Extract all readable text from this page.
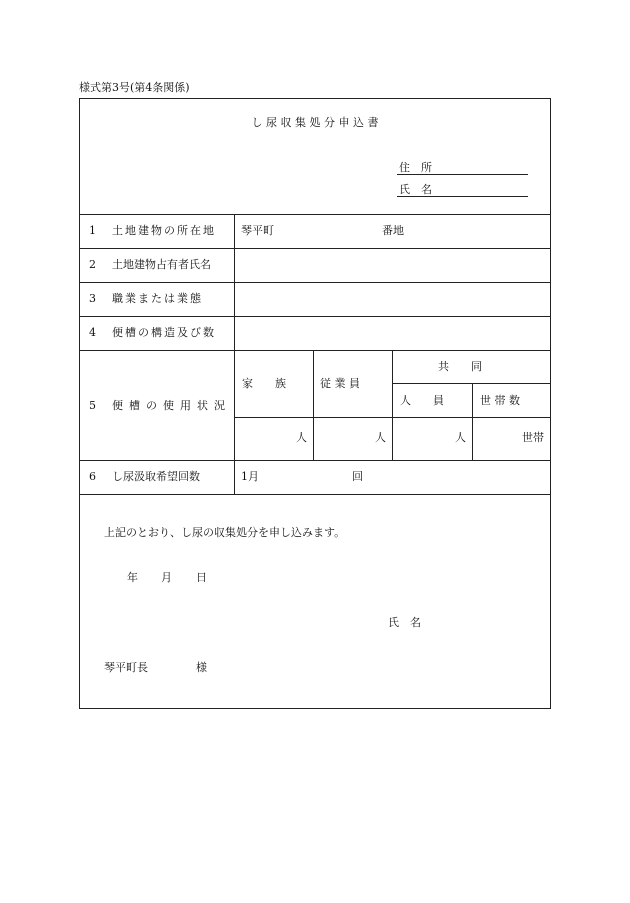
様式第3号(第4条関係)
し 尿 収 集 処 分 申 込 書
住　所
氏　名
1 土地建物の所在地 琴平町	番地
2 土地建物占有者氏名
3 職業または業態
4 便槽の構造及び数
5 便槽の使用状況
家　　族	従 業 員
共　　同
人　　員	世 帯 数
人	人	人	世帯
6 し尿汲取希望回数	1月	回
上記のとおり、し尿の収集処分を申し込みます。
年 月 日
氏　名
琴平町長	様
